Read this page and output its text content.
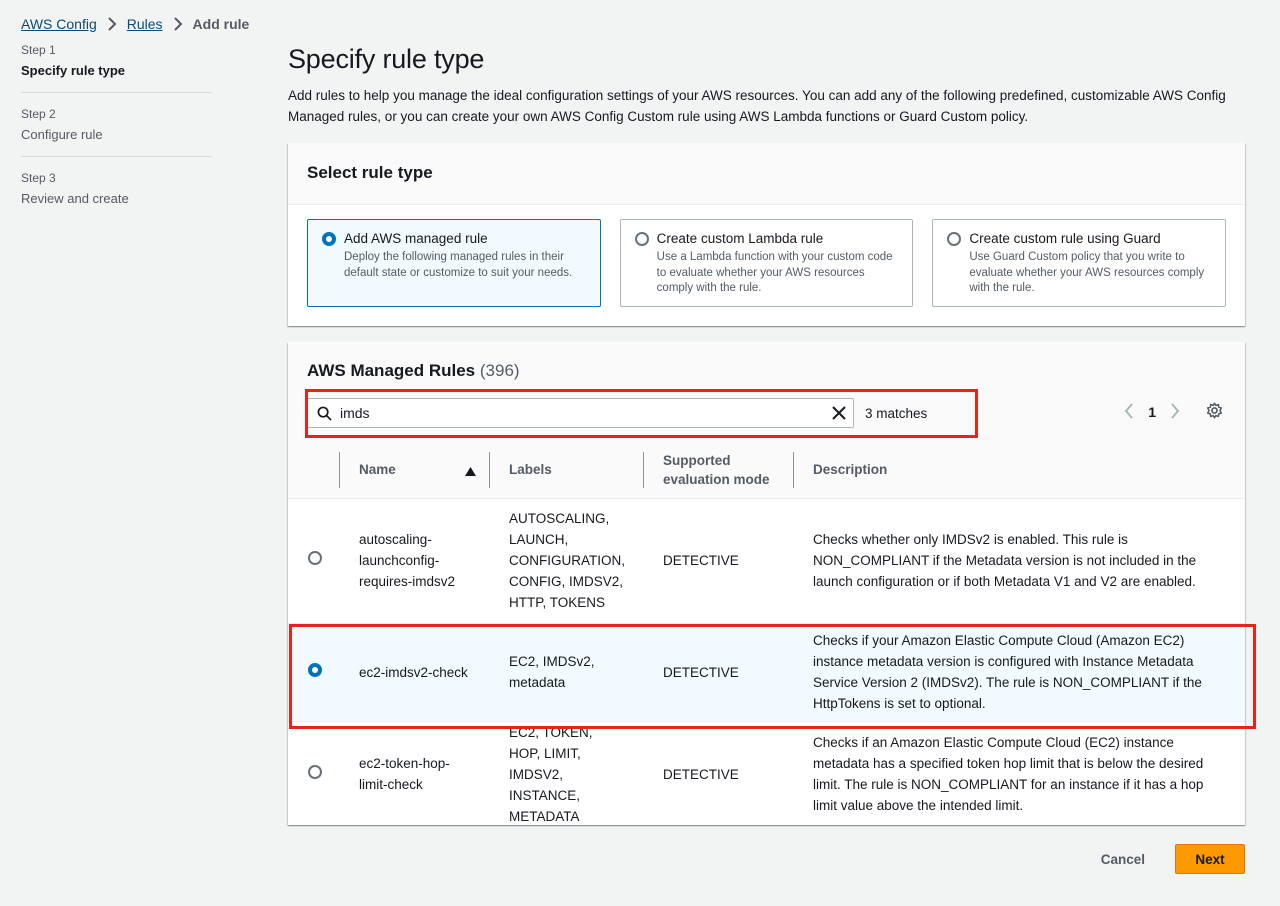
AWS Config Rules Add rule
Step 1
Specify rule type
Step 2
Configure rule
Step 3
Review and create
Specify rule type

Add rules to help you manage the ideal configuration settings of your AWS resources. You can add any of the following predefined, customizable AWS Config Managed rules, or you can create your own AWS Config Custom rule using AWS Lambda functions or Guard Custom policy.

Select rule type
Add AWS managed rule
Deploy the following managed rules in their default state or customize to suit your needs.
Create custom Lambda rule
Use a Lambda function with your custom code to evaluate whether your AWS resources comply with the rule.
Create custom rule using Guard
Use Guard Custom policy that you write to evaluate whether your AWS resources comply with the rule.
AWS Managed Rules (396)
imds
3 matches	1
	Name	Labels	Supported evaluation mode	Description
	autoscaling-launchconfig-requires-imdsv2	AUTOSCALING, LAUNCH, CONFIGURATION, CONFIG, IMDSV2, HTTP, TOKENS	DETECTIVE	Checks whether only IMDSv2 is enabled. This rule is NON_COMPLIANT if the Metadata version is not included in the launch configuration or if both Metadata V1 and V2 are enabled.
	ec2-imdsv2-check	EC2, IMDSv2, metadata	DETECTIVE	Checks if your Amazon Elastic Compute Cloud (Amazon EC2) instance metadata version is configured with Instance Metadata Service Version 2 (IMDSv2). The rule is NON_COMPLIANT if the HttpTokens is set to optional.
	ec2-token-hop-limit-check	EC2, TOKEN, HOP, LIMIT, IMDSV2, INSTANCE, METADATA	DETECTIVE	Checks if an Amazon Elastic Compute Cloud (EC2) instance metadata has a specified token hop limit that is below the desired limit. The rule is NON_COMPLIANT for an instance if it has a hop limit value above the intended limit.
Cancel	Next
